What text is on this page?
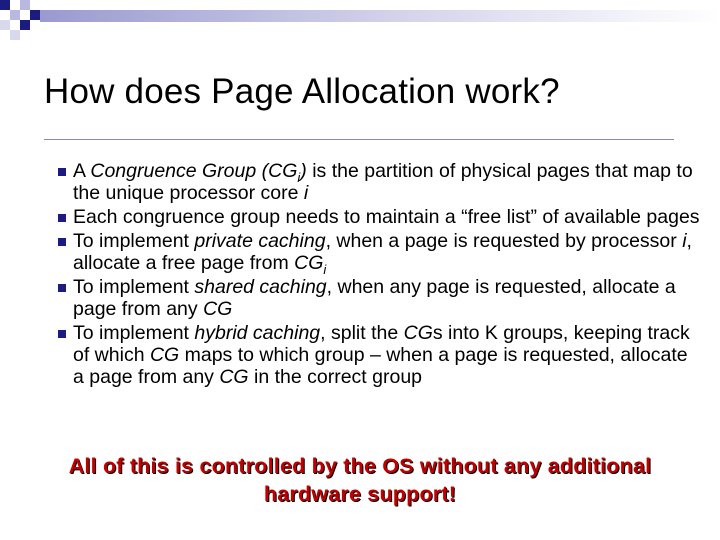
How does Page Allocation work?
A Congruence Group $(CG_i)$ is the partition of physical pages that map to the unique processor core i
Each congruence group needs to maintain a “free list” of available pages
To implement private caching, when a page is requested by processor i, allocate a free page from $CG_i$
To implement shared caching, when any page is requested, allocate a page from any CG
To implement hybrid caching, split the CGs into K groups, keeping track of which CG maps to which group – when a page is requested, allocate a page from any CG in the correct group
All of this is controlled by the OS without any additional hardware support!
